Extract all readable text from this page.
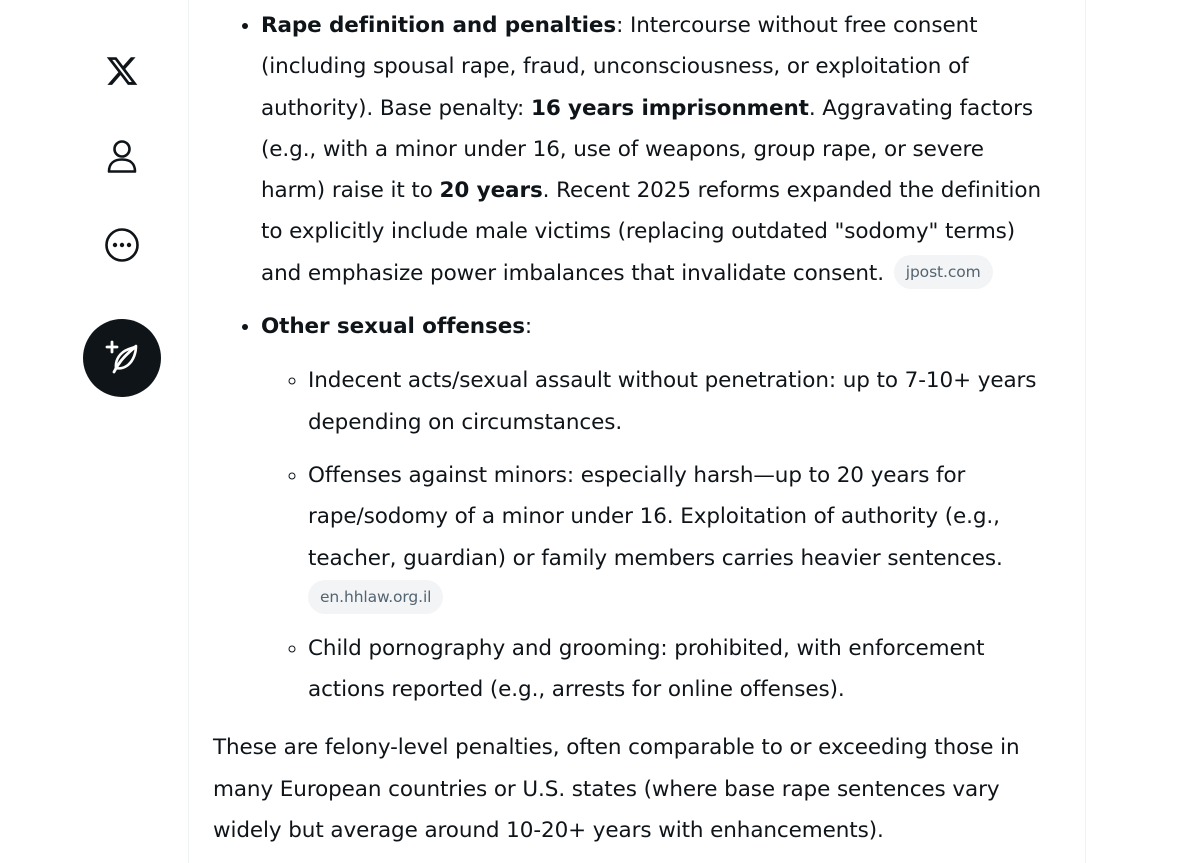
• Rape definition and penalties: Intercourse without free consent (including spousal rape, fraud, unconsciousness, or exploitation of authority). Base penalty: 16 years imprisonment. Aggravating factors (e.g., with a minor under 16, use of weapons, group rape, or severe harm) raise it to 20 years. Recent 2025 reforms expanded the definition to explicitly include male victims (replacing outdated "sodomy" terms) and emphasize power imbalances that invalidate consent. jpost.com
• Other sexual offenses:
◦ Indecent acts/sexual assault without penetration: up to 7-10+ years depending on circumstances.
◦ Offenses against minors: especially harsh—up to 20 years for rape/sodomy of a minor under 16. Exploitation of authority (e.g., teacher, guardian) or family members carries heavier sentences.
en.hhlaw.org.il
◦ Child pornography and grooming: prohibited, with enforcement actions reported (e.g., arrests for online offenses).

These are felony-level penalties, often comparable to or exceeding those in many European countries or U.S. states (where base rape sentences vary widely but average around 10-20+ years with enhancements).
